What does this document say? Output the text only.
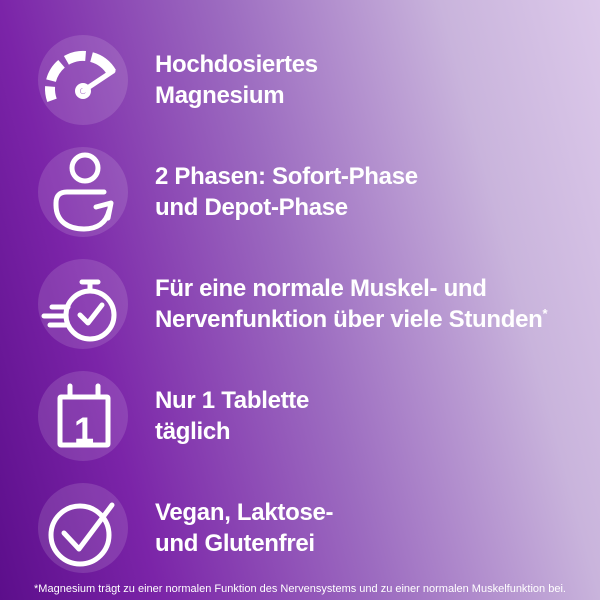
Hochdosiertes
Magnesium
2 Phasen: Sofort-Phase
und Depot-Phase
Für eine normale Muskel- und
Nervenfunktion über viele Stunden*
1
Nur 1 Tablette
täglich
Vegan, Laktose-
und Glutenfrei
*Magnesium trägt zu einer normalen Funktion des Nervensystems und zu einer normalen Muskelfunktion bei.
